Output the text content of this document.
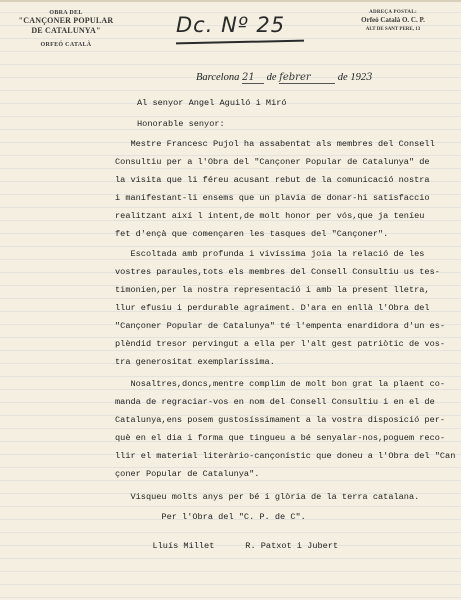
OBRA DEL
"CANÇONER POPULAR
DE CATALUNYA"
ORFEÓ CATALÀ
Dc. Nº 25
ADREÇA POSTAL:
Orfeó Català O. C. P.
ALT DE SANT PERE, 13
Barcelona 21 de febrer	de 1923
Al senyor Angel Aguiló i Miró
Honorable senyor:
Mestre Francesc Pujol ha assabentat als membres del Consell
Consultiu per a l'Obra del "Cançoner Popular de Catalunya" de
la visita que li féreu acusant rebut de la comunicació nostra
i manifestant-li ensems que un plavia de donar-hi satisfaccio
realitzant així l intent,de molt honor per vós,que ja teníeu
fet d'ençà que començaren les tasques del "Cançoner".
Escoltada amb profunda i vivíssima joia la relació de les
vostres paraules,tots els membres del Consell Consultiu us tes-
timonien,per la nostra representació i amb la present lletra,
llur efusiu i perdurable agraiment. D'ara en enllà l'Obra del
"Cançoner Popular de Catalunya" té l'empenta enardidora d'un es-
plèndid tresor pervingut a ella per l'alt gest patriòtic de vos-
tra generositat exemplaríssima.
Nosaltres,doncs,mentre complim de molt bon grat la plaent co-
manda de regraciar-vos en nom del Consell Consultiu i en el de
Catalunya,ens posem gustosíssimament a la vostra disposició per-
què en el dia i forma que tingueu a bé senyalar-nos,poguem reco-
llir el material literàrio-cançonístic que doneu a l'Obra del "Can
çoner Popular de Catalunya".
Visqueu molts anys per bé i glòria de la terra catalana.
Per l'Obra del "C. P. de C".
Lluís Millet      R. Patxot i Jubert
